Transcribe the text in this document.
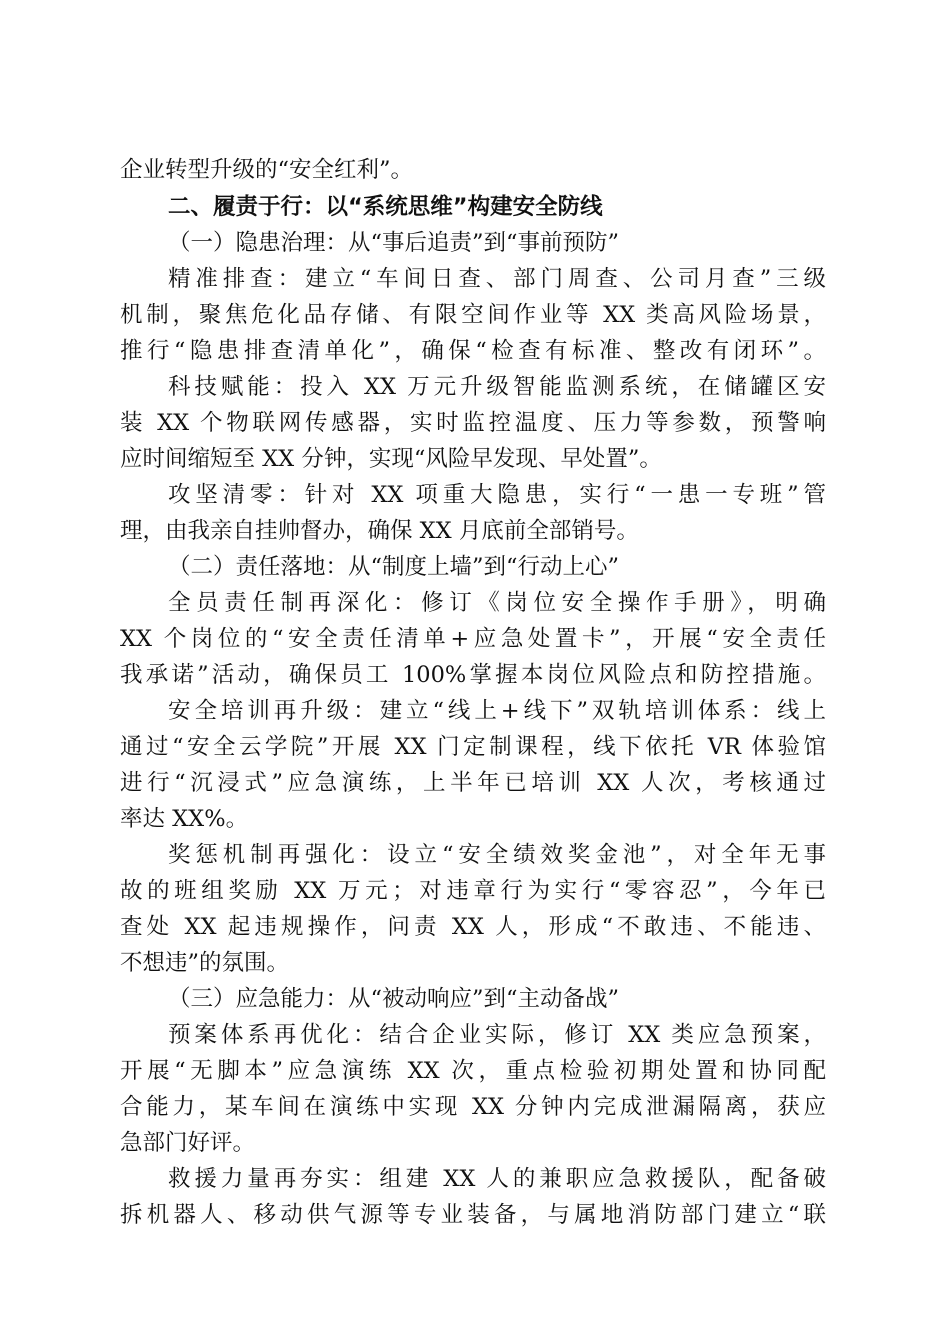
企业转型升级的“安全红利”。
二、履责于行：以“系统思维”构建安全防线
（一）隐患治理：从“事后追责”到“事前预防”
精准排查：建立“车间日查、部门周查、公司月查”三级
机制，聚焦危化品存储、有限空间作业等 XX 类高风险场景，
推行“隐患排查清单化”，确保“检查有标准、整改有闭环”。
科技赋能：投入 XX 万元升级智能监测系统，在储罐区安
装 XX 个物联网传感器，实时监控温度、压力等参数，预警响
应时间缩短至 XX 分钟，实现“风险早发现、早处置”。
攻坚清零：针对 XX 项重大隐患，实行“一患一专班”管
理，由我亲自挂帅督办，确保 XX 月底前全部销号。
（二）责任落地：从“制度上墙”到“行动上心”
全员责任制再深化：修订《岗位安全操作手册》，明确
XX 个岗位的“安全责任清单+应急处置卡”，开展“安全责任
我承诺”活动，确保员工 100%掌握本岗位风险点和防控措施。
安全培训再升级：建立“线上+线下”双轨培训体系：线上
通过“安全云学院”开展 XX 门定制课程，线下依托 VR 体验馆
进行“沉浸式”应急演练，上半年已培训 XX 人次，考核通过
率达 XX%。
奖惩机制再强化：设立“安全绩效奖金池”，对全年无事
故的班组奖励 XX 万元；对违章行为实行“零容忍”，今年已
查处 XX 起违规操作，问责 XX 人，形成“不敢违、不能违、
不想违”的氛围。
（三）应急能力：从“被动响应”到“主动备战”
预案体系再优化：结合企业实际，修订 XX 类应急预案，
开展“无脚本”应急演练 XX 次，重点检验初期处置和协同配
合能力，某车间在演练中实现 XX 分钟内完成泄漏隔离，获应
急部门好评。
救援力量再夯实：组建 XX 人的兼职应急救援队，配备破
拆机器人、移动供气源等专业装备，与属地消防部门建立“联
